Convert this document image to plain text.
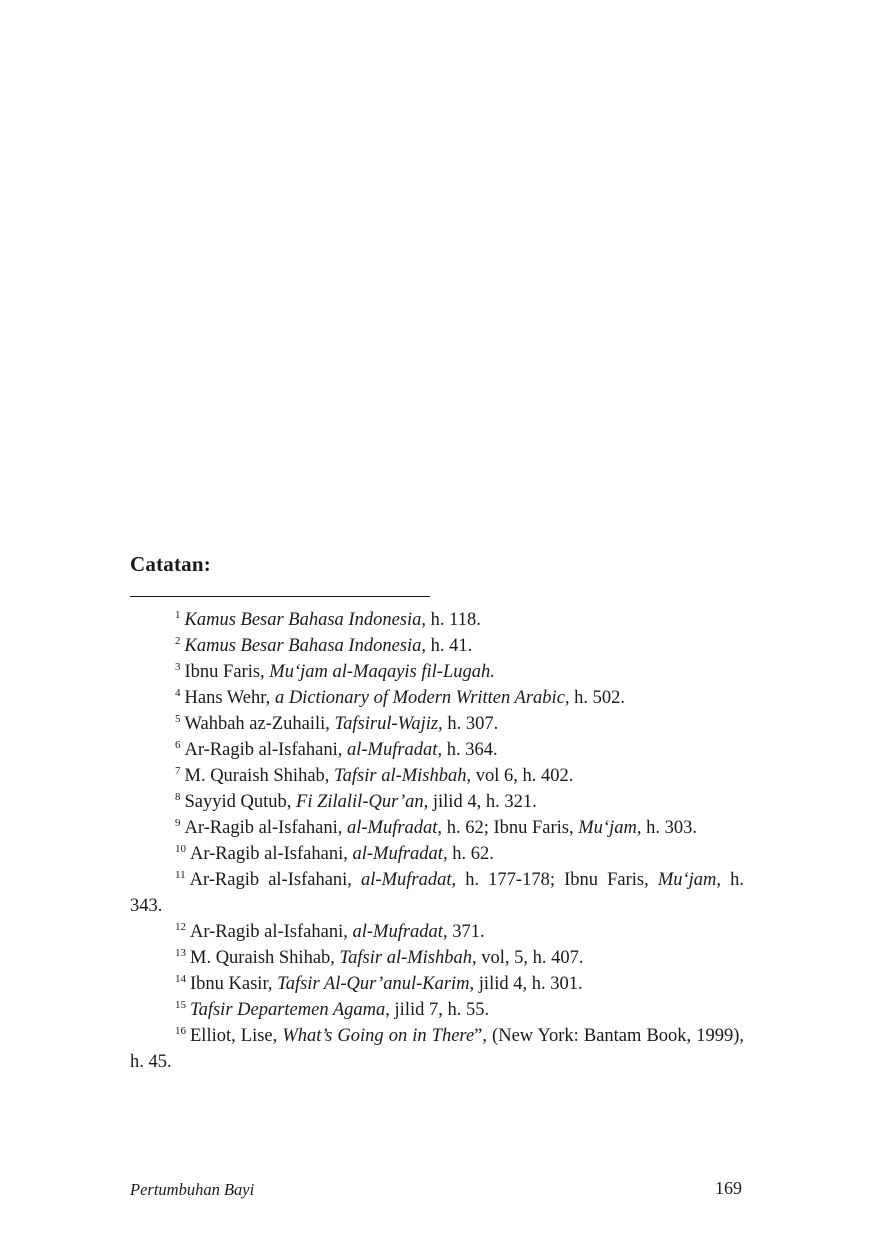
Catatan:
$^1$ Kamus Besar Bahasa Indonesia, h. 118.
$^2$ Kamus Besar Bahasa Indonesia, h. 41.
$^3$ Ibnu Faris, Mu‘jam al-Maqayis fil-Lugah.
$^4$ Hans Wehr, a Dictionary of Modern Written Arabic, h. 502.
$^5$ Wahbah az-Zuhaili, Tafsirul-Wajiz, h. 307.
$^6$ Ar-Ragib al-Isfahani, al-Mufradat, h. 364.
$^7$ M. Quraish Shihab, Tafsir al-Mishbah, vol 6, h. 402.
$^8$ Sayyid Qutub, Fi Zilalil-Qur’an, jilid 4, h. 321.
$^9$ Ar-Ragib al-Isfahani, al-Mufradat, h. 62; Ibnu Faris, Mu‘jam, h. 303.
$^{10}$ Ar-Ragib al-Isfahani, al-Mufradat, h. 62.
$^{11}$ Ar-Ragib al-Isfahani, al-Mufradat, h. 177-178; Ibnu Faris, Mu‘jam, h. 343.
$^{12}$ Ar-Ragib al-Isfahani, al-Mufradat, 371.
$^{13}$ M. Quraish Shihab, Tafsir al-Mishbah, vol, 5, h. 407.
$^{14}$ Ibnu Kasir, Tafsir Al-Qur’anul-Karim, jilid 4, h. 301.
$^{15}$ Tafsir Departemen Agama, jilid 7, h. 55.
$^{16}$ Elliot, Lise, What’s Going on in There”, (New York: Bantam Book, 1999), h. 45.
Pertumbuhan Bayi	169
